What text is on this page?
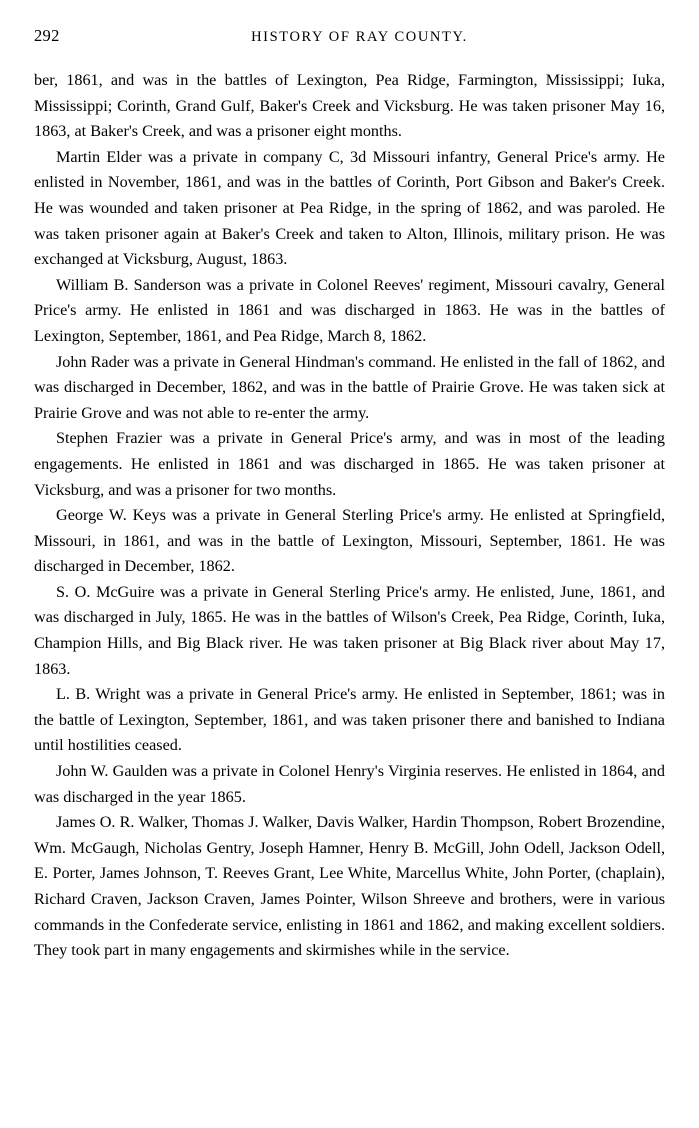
292	HISTORY OF RAY COUNTY.

ber, 1861, and was in the battles of Lexington, Pea Ridge, Farmington, Mississippi; Iuka, Mississippi; Corinth, Grand Gulf, Baker's Creek and Vicksburg. He was taken prisoner May 16, 1863, at Baker's Creek, and was a prisoner eight months.

Martin Elder was a private in company C, 3d Missouri infantry, General Price's army. He enlisted in November, 1861, and was in the battles of Corinth, Port Gibson and Baker's Creek. He was wounded and taken prisoner at Pea Ridge, in the spring of 1862, and was paroled. He was taken prisoner again at Baker's Creek and taken to Alton, Illinois, military prison. He was exchanged at Vicksburg, August, 1863.

William B. Sanderson was a private in Colonel Reeves' regiment, Missouri cavalry, General Price's army. He enlisted in 1861 and was discharged in 1863. He was in the battles of Lexington, September, 1861, and Pea Ridge, March 8, 1862.

John Rader was a private in General Hindman's command. He enlisted in the fall of 1862, and was discharged in December, 1862, and was in the battle of Prairie Grove. He was taken sick at Prairie Grove and was not able to re-enter the army.

Stephen Frazier was a private in General Price's army, and was in most of the leading engagements. He enlisted in 1861 and was discharged in 1865. He was taken prisoner at Vicksburg, and was a prisoner for two months.

George W. Keys was a private in General Sterling Price's army. He enlisted at Springfield, Missouri, in 1861, and was in the battle of Lexington, Missouri, September, 1861. He was discharged in December, 1862.

S. O. McGuire was a private in General Sterling Price's army. He enlisted, June, 1861, and was discharged in July, 1865. He was in the battles of Wilson's Creek, Pea Ridge, Corinth, Iuka, Champion Hills, and Big Black river. He was taken prisoner at Big Black river about May 17, 1863.

L. B. Wright was a private in General Price's army. He enlisted in September, 1861; was in the battle of Lexington, September, 1861, and was taken prisoner there and banished to Indiana until hostilities ceased.

John W. Gaulden was a private in Colonel Henry's Virginia reserves. He enlisted in 1864, and was discharged in the year 1865.

James O. R. Walker, Thomas J. Walker, Davis Walker, Hardin Thompson, Robert Brozendine, Wm. McGaugh, Nicholas Gentry, Joseph Hamner, Henry B. McGill, John Odell, Jackson Odell, E. Porter, James Johnson, T. Reeves Grant, Lee White, Marcellus White, John Porter, (chaplain), Richard Craven, Jackson Craven, James Pointer, Wilson Shreeve and brothers, were in various commands in the Confederate service, enlisting in 1861 and 1862, and making excellent soldiers. They took part in many engagements and skirmishes while in the service.
